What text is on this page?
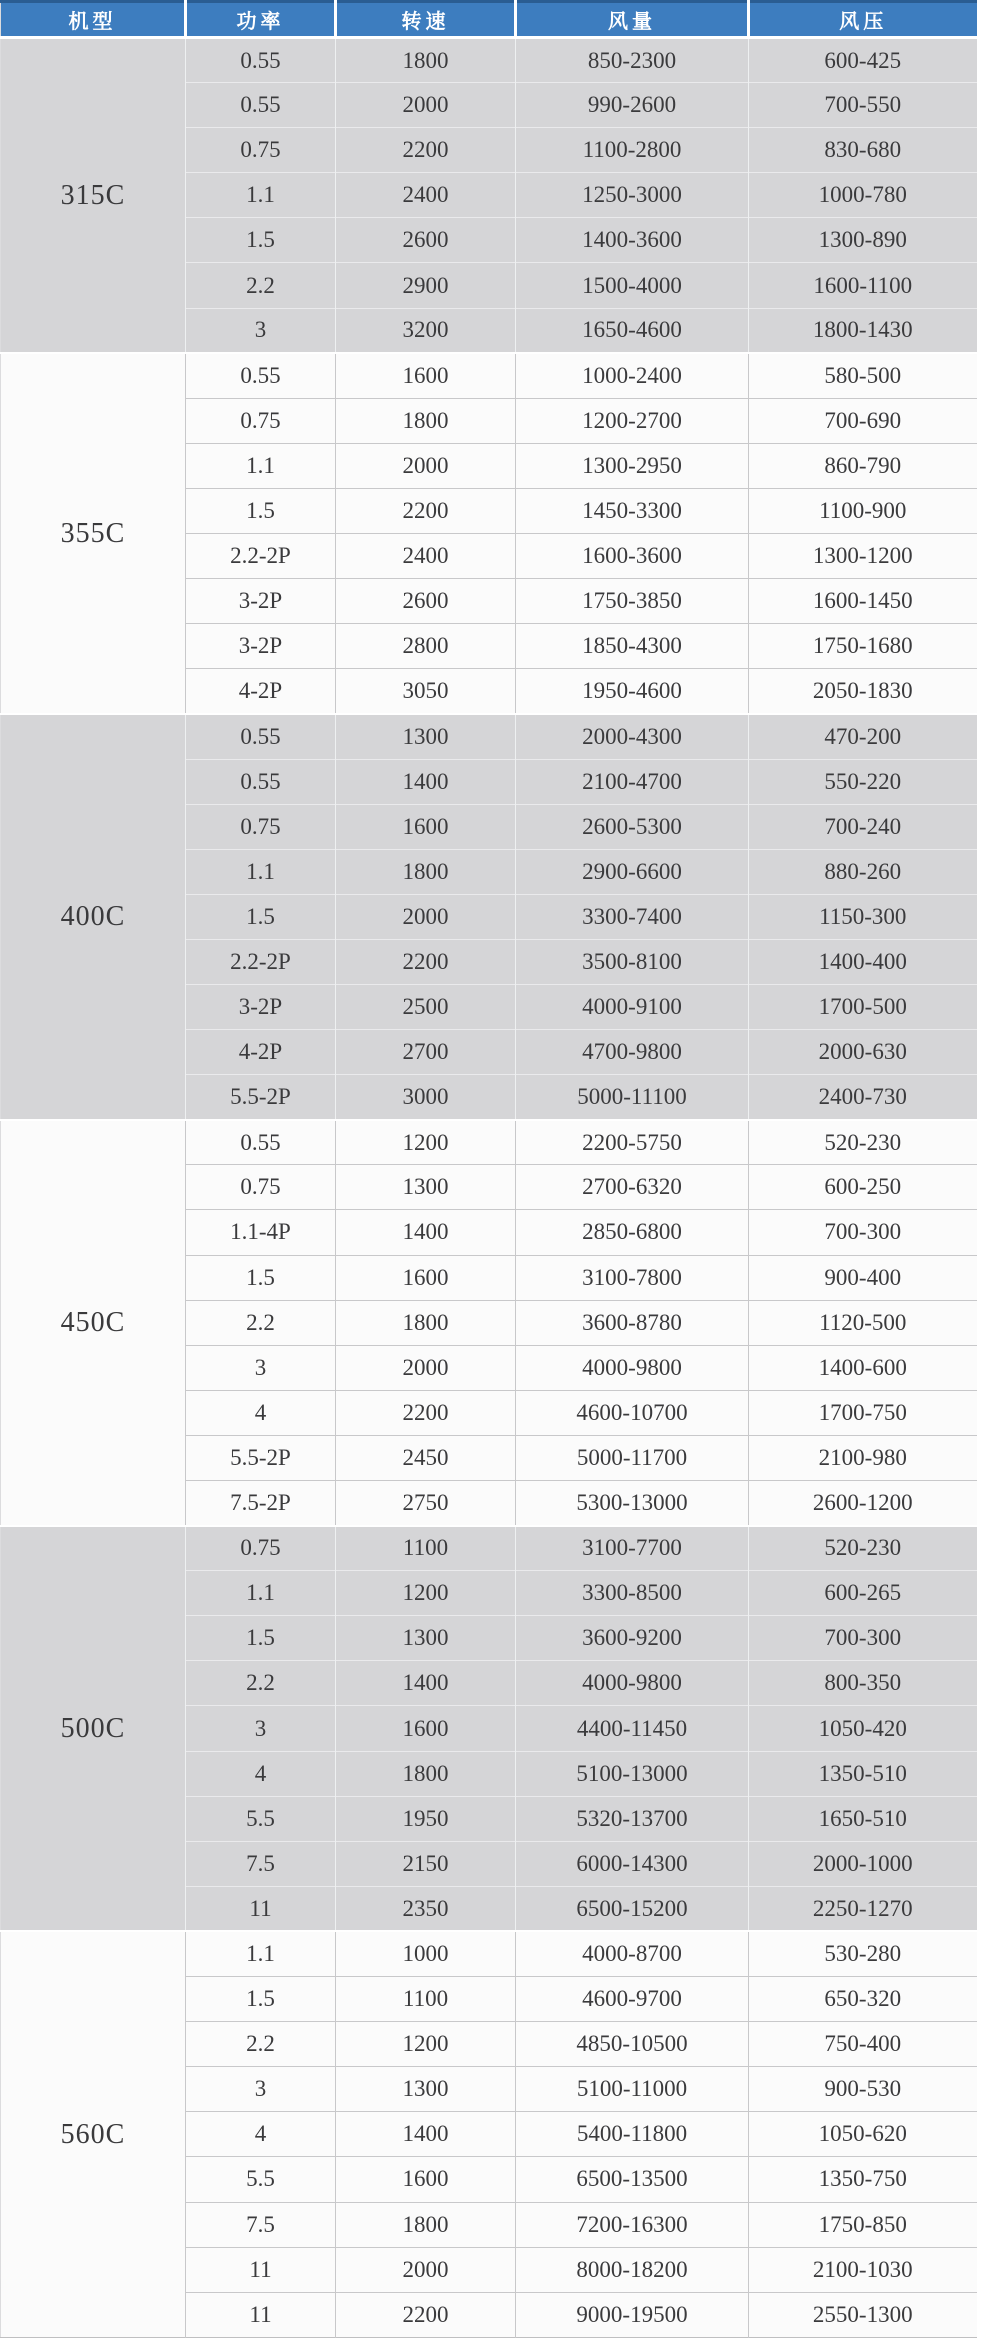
机型	功率	转速	风量	风压
315C	0.55	1800	850-2300	600-425
	0.55	2000	990-2600	700-550
	0.75	2200	1100-2800	830-680
	1.1	2400	1250-3000	1000-780
	1.5	2600	1400-3600	1300-890
	2.2	2900	1500-4000	1600-1100
	3	3200	1650-4600	1800-1430
355C	0.55	1600	1000-2400	580-500
	0.75	1800	1200-2700	700-690
	1.1	2000	1300-2950	860-790
	1.5	2200	1450-3300	1100-900
	2.2-2P	2400	1600-3600	1300-1200
	3-2P	2600	1750-3850	1600-1450
	3-2P	2800	1850-4300	1750-1680
	4-2P	3050	1950-4600	2050-1830
400C	0.55	1300	2000-4300	470-200
	0.55	1400	2100-4700	550-220
	0.75	1600	2600-5300	700-240
	1.1	1800	2900-6600	880-260
	1.5	2000	3300-7400	1150-300
	2.2-2P	2200	3500-8100	1400-400
	3-2P	2500	4000-9100	1700-500
	4-2P	2700	4700-9800	2000-630
	5.5-2P	3000	5000-11100	2400-730
450C	0.55	1200	2200-5750	520-230
	0.75	1300	2700-6320	600-250
	1.1-4P	1400	2850-6800	700-300
	1.5	1600	3100-7800	900-400
	2.2	1800	3600-8780	1120-500
	3	2000	4000-9800	1400-600
	4	2200	4600-10700	1700-750
	5.5-2P	2450	5000-11700	2100-980
	7.5-2P	2750	5300-13000	2600-1200
500C	0.75	1100	3100-7700	520-230
	1.1	1200	3300-8500	600-265
	1.5	1300	3600-9200	700-300
	2.2	1400	4000-9800	800-350
	3	1600	4400-11450	1050-420
	4	1800	5100-13000	1350-510
	5.5	1950	5320-13700	1650-510
	7.5	2150	6000-14300	2000-1000
	11	2350	6500-15200	2250-1270
560C	1.1	1000	4000-8700	530-280
	1.5	1100	4600-9700	650-320
	2.2	1200	4850-10500	750-400
	3	1300	5100-11000	900-530
	4	1400	5400-11800	1050-620
	5.5	1600	6500-13500	1350-750
	7.5	1800	7200-16300	1750-850
	11	2000	8000-18200	2100-1030
	11	2200	9000-19500	2550-1300
